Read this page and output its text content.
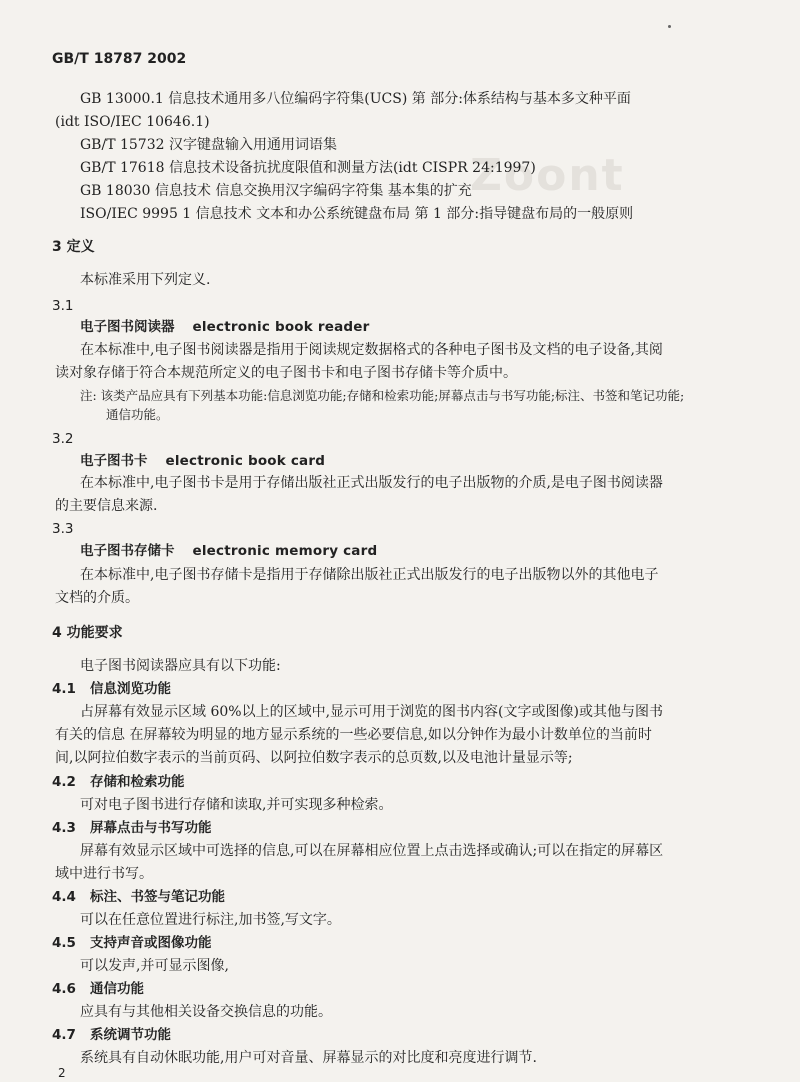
Zoont
GB/T 18787 2002
GB 13000.1 信息技术通用多八位编码字符集(UCS) 第 部分:体系结构与基本多文种平面
(idt ISO/IEC 10646.1)
GB/T 15732 汉字键盘输入用通用词语集
GB/T 17618 信息技术设备抗扰度限值和测量方法(idt CISPR 24:1997)
GB 18030 信息技术 信息交换用汉字编码字符集 基本集的扩充
ISO/IEC 9995 1 信息技术 文本和办公系统键盘布局 第 1 部分:指导键盘布局的一般原则
3 定义
本标准采用下列定义.
3.1
电子图书阅读器 electronic book reader
在本标准中,电子图书阅读器是指用于阅读规定数据格式的各种电子图书及文档的电子设备,其阅
读对象存储于符合本规范所定义的电子图书卡和电子图书存储卡等介质中。
注: 该类产品应具有下列基本功能:信息浏览功能;存储和检索功能;屏幕点击与书写功能;标注、书签和笔记功能;
通信功能。
3.2
电子图书卡 electronic book card
在本标准中,电子图书卡是用于存储出版社正式出版发行的电子出版物的介质,是电子图书阅读器
的主要信息来源.
3.3
电子图书存储卡 electronic memory card
在本标准中,电子图书存储卡是指用于存储除出版社正式出版发行的电子出版物以外的其他电子
文档的介质。
4 功能要求
电子图书阅读器应具有以下功能:
4.1 信息浏览功能
占屏幕有效显示区域 60%以上的区域中,显示可用于浏览的图书内容(文字或图像)或其他与图书
有关的信息 在屏幕较为明显的地方显示系统的一些必要信息,如以分钟作为最小计数单位的当前时
间,以阿拉伯数字表示的当前页码、以阿拉伯数字表示的总页数,以及电池计量显示等;
4.2 存储和检索功能
可对电子图书进行存储和读取,并可实现多种检索。
4.3 屏幕点击与书写功能
屏幕有效显示区域中可选择的信息,可以在屏幕相应位置上点击选择或确认;可以在指定的屏幕区
域中进行书写。
4.4 标注、书签与笔记功能
可以在任意位置进行标注,加书签,写文字。
4.5 支持声音或图像功能
可以发声,并可显示图像,
4.6 通信功能
应具有与其他相关设备交换信息的功能。
4.7 系统调节功能
系统具有自动休眠功能,用户可对音量、屏幕显示的对比度和亮度进行调节.
2
